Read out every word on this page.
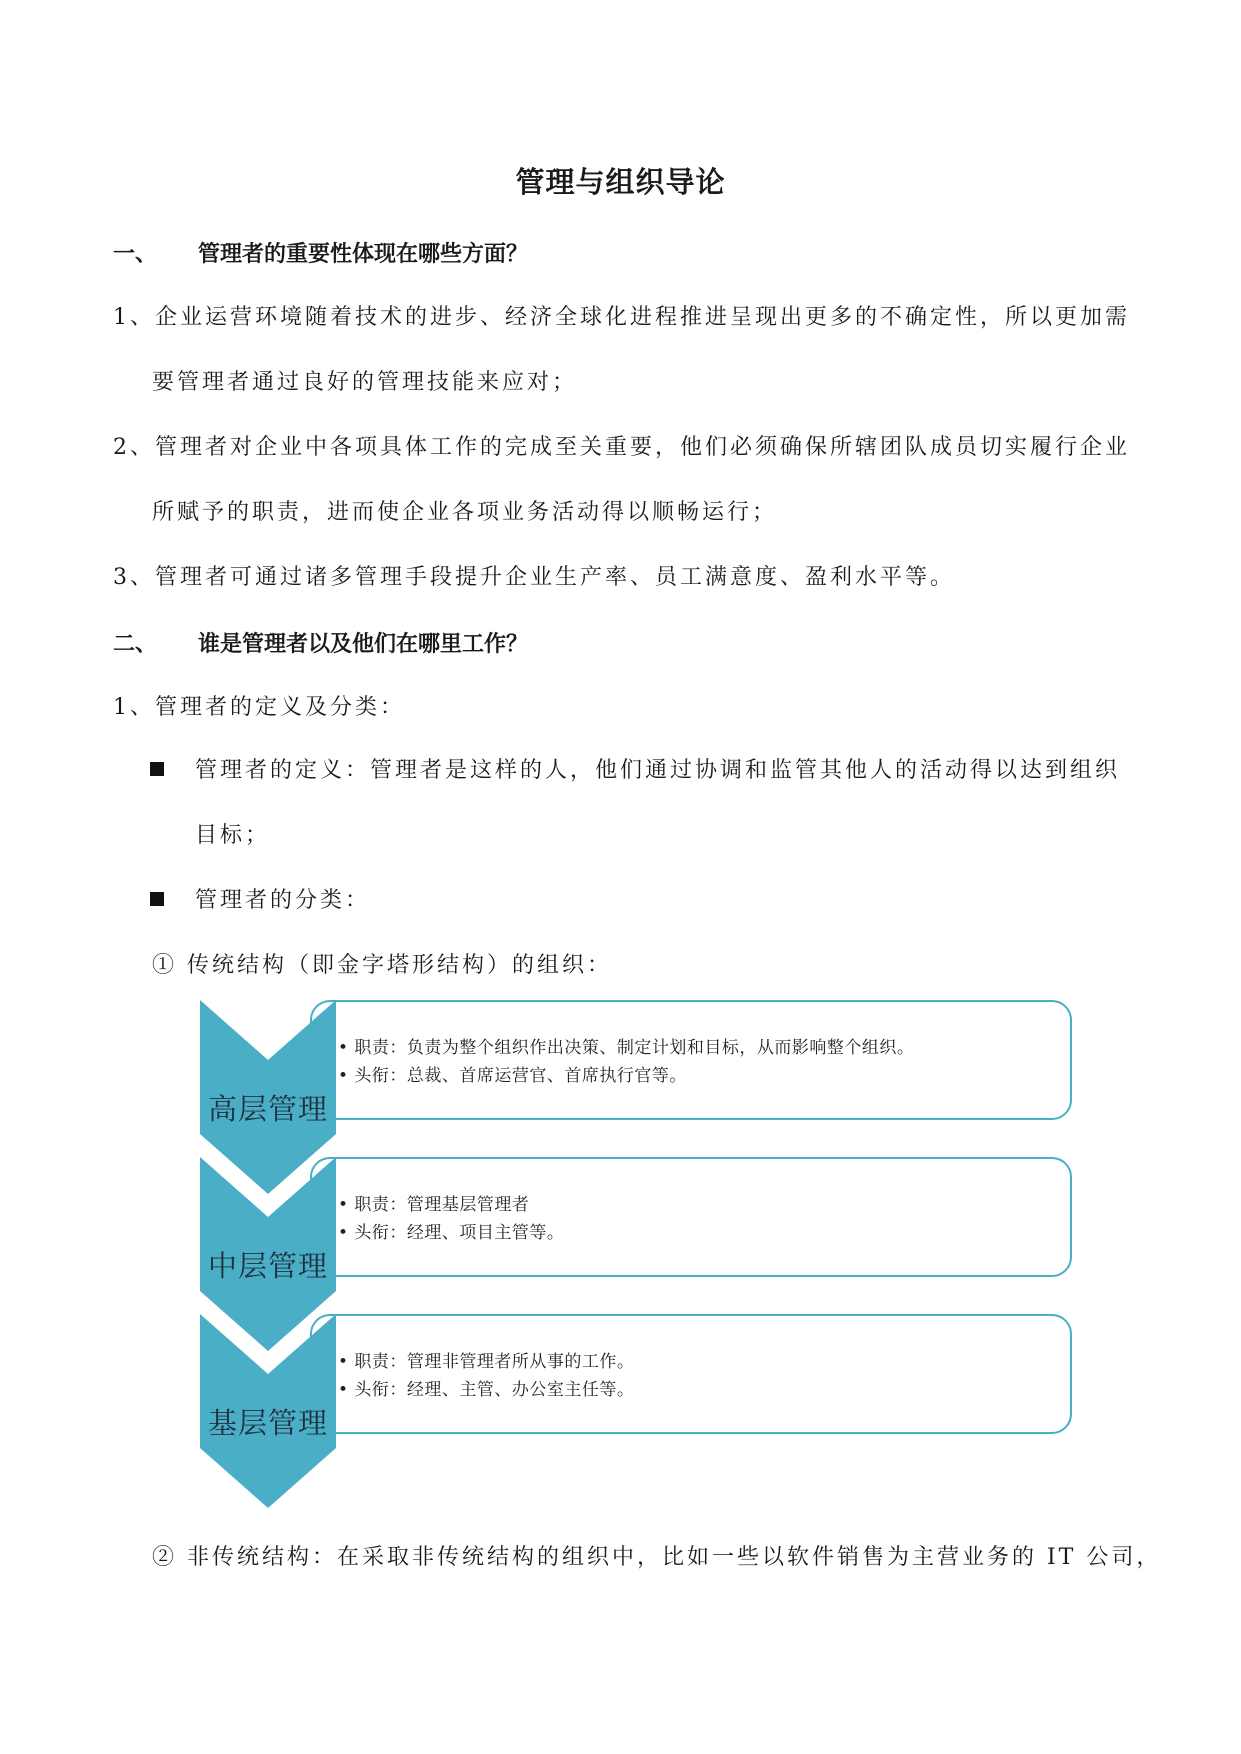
管理与组织导论
一、 管理者的重要性体现在哪些方面？
1、企业运营环境随着技术的进步、经济全球化进程推进呈现出更多的不确定性，所以更加需
要管理者通过良好的管理技能来应对；
2、管理者对企业中各项具体工作的完成至关重要，他们必须确保所辖团队成员切实履行企业
所赋予的职责，进而使企业各项业务活动得以顺畅运行；
3、管理者可通过诸多管理手段提升企业生产率、员工满意度、盈利水平等。
二、 谁是管理者以及他们在哪里工作？
1、管理者的定义及分类：
管理者的定义：管理者是这样的人，他们通过协调和监管其他人的活动得以达到组织
目标；
管理者的分类：
① 传统结构（即金字塔形结构）的组织：
• 职责：负责为整个组织作出决策、制定计划和目标，从而影响整个组织。
• 头衔：总裁、首席运营官、首席执行官等。
高层管理
• 职责：管理基层管理者
• 头衔：经理、项目主管等。
中层管理
• 职责：管理非管理者所从事的工作。
• 头衔：经理、主管、办公室主任等。
基层管理
② 非传统结构：在采取非传统结构的组织中，比如一些以软件销售为主营业务的 IT 公司，
